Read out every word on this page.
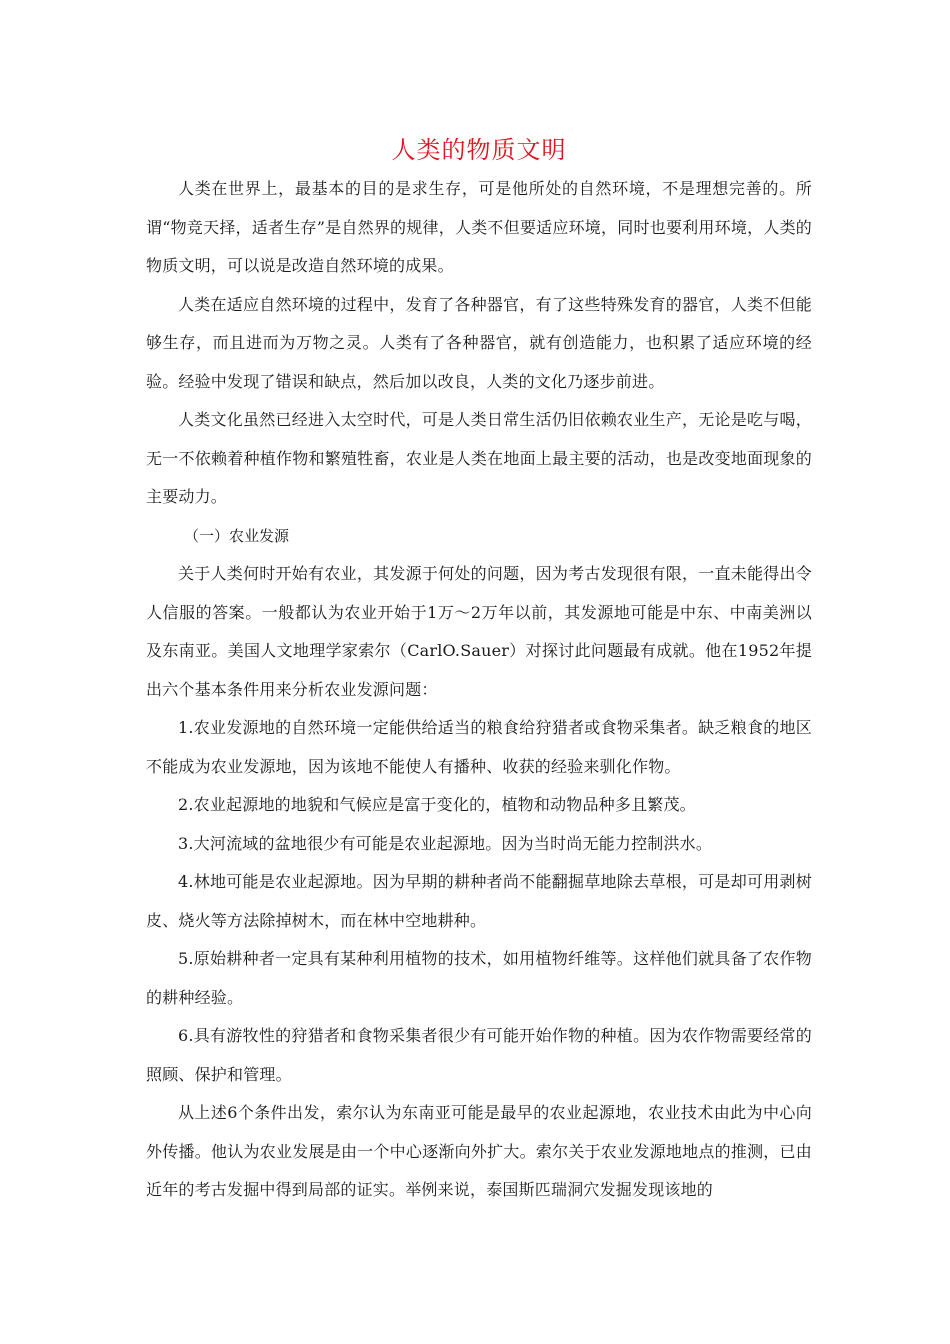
人类的物质文明

人类在世界上，最基本的目的是求生存，可是他所处的自然环境，不是理想完善的。所谓“物竞天择，适者生存”是自然界的规律，人类不但要适应环境，同时也要利用环境，人类的物质文明，可以说是改造自然环境的成果。

人类在适应自然环境的过程中，发育了各种器官，有了这些特殊发育的器官，人类不但能够生存，而且进而为万物之灵。人类有了各种器官，就有创造能力，也积累了适应环境的经验。经验中发现了错误和缺点，然后加以改良，人类的文化乃逐步前进。

人类文化虽然已经进入太空时代，可是人类日常生活仍旧依赖农业生产，无论是吃与喝，无一不依赖着种植作物和繁殖牲畜，农业是人类在地面上最主要的活动，也是改变地面现象的主要动力。

（一）农业发源

关于人类何时开始有农业，其发源于何处的问题，因为考古发现很有限，一直未能得出令人信服的答案。一般都认为农业开始于1万～2万年以前，其发源地可能是中东、中南美洲以及东南亚。美国人文地理学家索尔（CarlO.Sauer）对探讨此问题最有成就。他在1952年提出六个基本条件用来分析农业发源问题：

1.农业发源地的自然环境一定能供给适当的粮食给狩猎者或食物采集者。缺乏粮食的地区不能成为农业发源地，因为该地不能使人有播种、收获的经验来驯化作物。

2.农业起源地的地貌和气候应是富于变化的，植物和动物品种多且繁茂。

3.大河流域的盆地很少有可能是农业起源地。因为当时尚无能力控制洪水。

4.林地可能是农业起源地。因为早期的耕种者尚不能翻掘草地除去草根，可是却可用剥树皮、烧火等方法除掉树木，而在林中空地耕种。

5.原始耕种者一定具有某种利用植物的技术，如用植物纤维等。这样他们就具备了农作物的耕种经验。

6.具有游牧性的狩猎者和食物采集者很少有可能开始作物的种植。因为农作物需要经常的照顾、保护和管理。

从上述6个条件出发，索尔认为东南亚可能是最早的农业起源地，农业技术由此为中心向外传播。他认为农业发展是由一个中心逐渐向外扩大。索尔关于农业发源地地点的推测，已由近年的考古发掘中得到局部的证实。举例来说，泰国斯匹瑞洞穴发掘发现该地的
